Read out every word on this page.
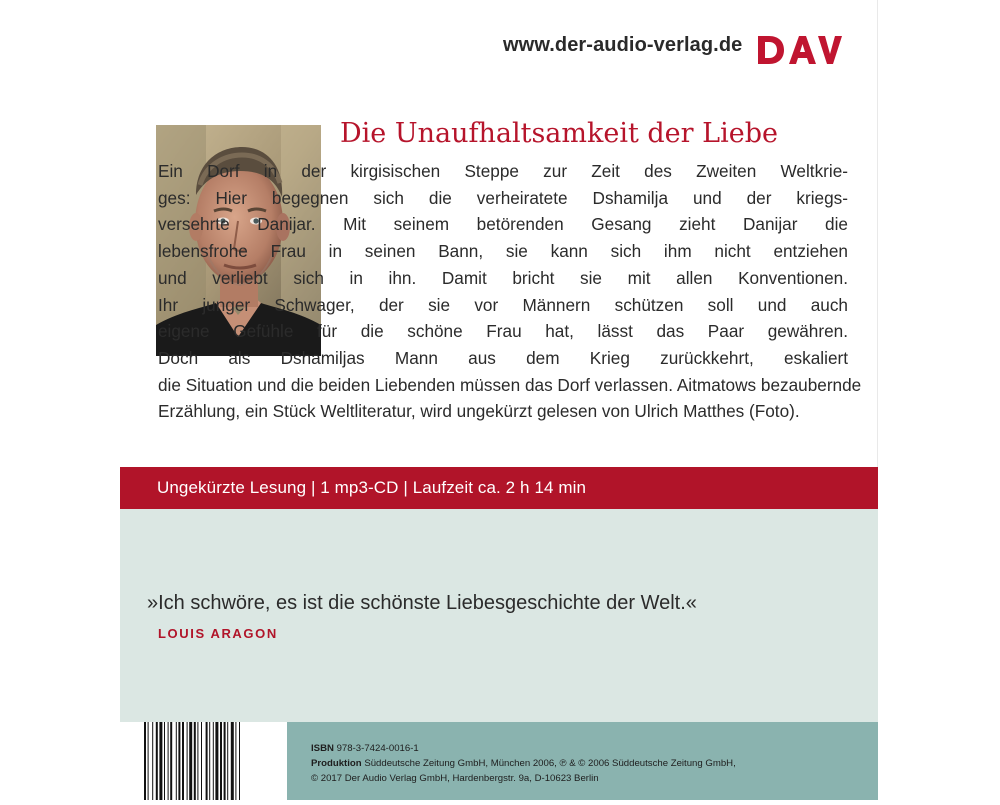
www.der-audio-verlag.de
Die Unaufhaltsamkeit der Liebe

Ein Dorf in der kirgisischen Steppe zur Zeit des Zweiten Weltkrie-
ges: Hier begegnen sich die verheiratete Dshamilja und der kriegs-
versehrte Danijar. Mit seinem betörenden Gesang zieht Danijar die
lebensfrohe Frau in seinen Bann, sie kann sich ihm nicht entziehen
und verliebt sich in ihn. Damit bricht sie mit allen Konventionen.
Ihr junger Schwager, der sie vor Männern schützen soll und auch
eigene Gefühle für die schöne Frau hat, lässt das Paar gewähren.
Doch als Dshamiljas Mann aus dem Krieg zurückkehrt, eskaliert
die Situation und die beiden Liebenden müssen das Dorf verlassen. Aitmatows bezaubernde
Erzählung, ein Stück Weltliteratur, wird ungekürzt gelesen von Ulrich Matthes (Foto).

Ungekürzte Lesung | 1 mp3-CD | Laufzeit ca. 2 h 14 min

»Ich schwöre, es ist die schönste Liebesgeschichte der Welt.«

LOUIS ARAGON
ISBN 978-3-7424-0016-1
Produktion Süddeutsche Zeitung GmbH, München 2006, ℗ & © 2006 Süddeutsche Zeitung GmbH,
© 2017 Der Audio Verlag GmbH, Hardenbergstr. 9a, D-10623 Berlin
